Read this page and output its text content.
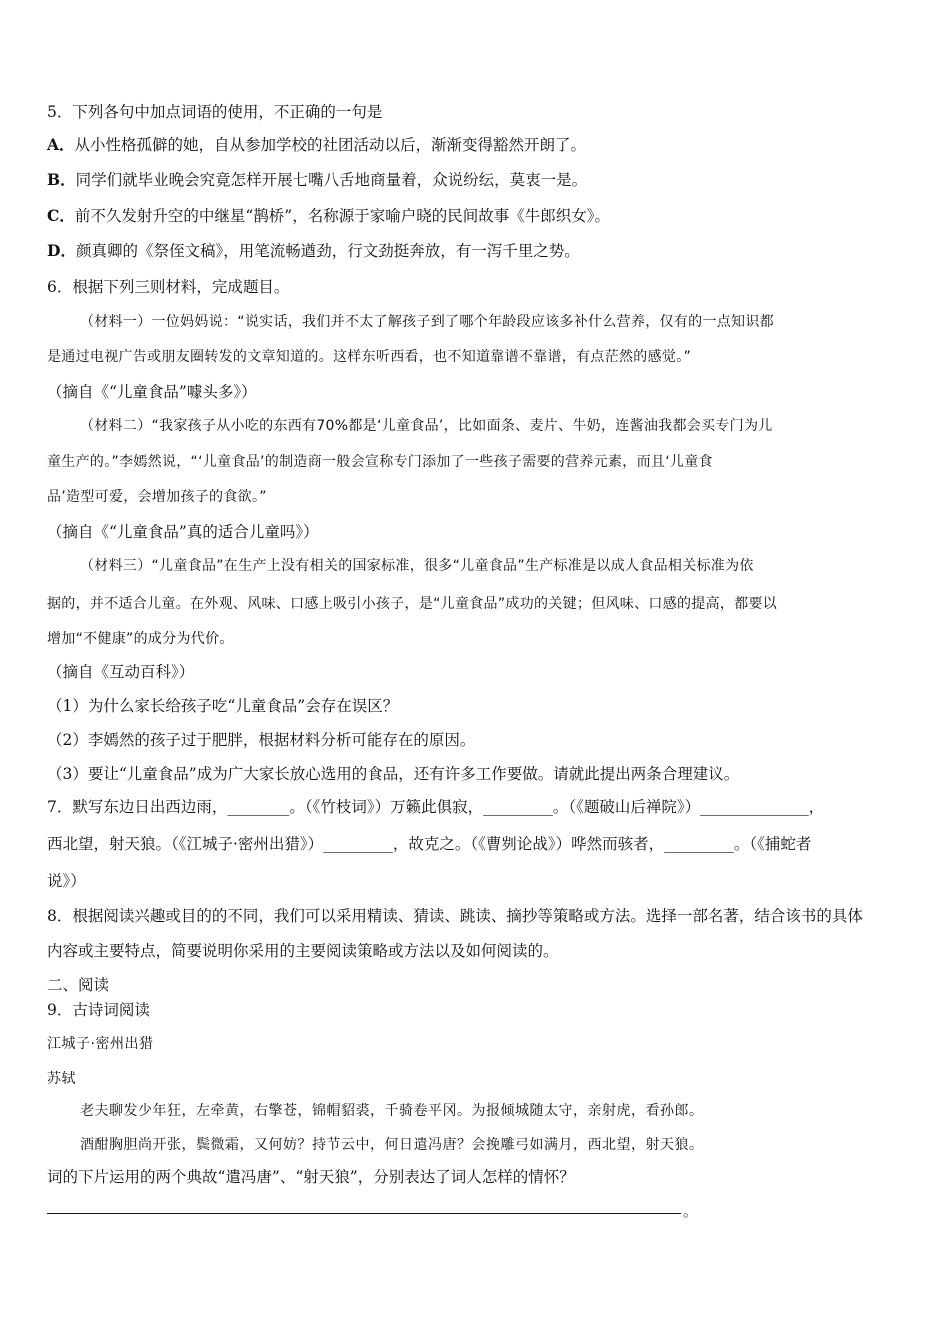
5．下列各句中加点词语的使用，不正确的一句是
A．从小性格孤僻的她，自从参加学校的社团活动以后，渐渐变得豁然开朗了。
B．同学们就毕业晚会究竟怎样开展七嘴八舌地商量着，众说纷纭，莫衷一是。
C．前不久发射升空的中继星“鹊桥”，名称源于家喻户晓的民间故事《牛郎织女》。
D．颜真卿的《祭侄文稿》，用笔流畅遒劲，行文劲挺奔放，有一泻千里之势。
6．根据下列三则材料，完成题目。
（材料一）一位妈妈说：“说实话，我们并不太了解孩子到了哪个年龄段应该多补什么营养，仅有的一点知识都
是通过电视广告或朋友圈转发的文章知道的。这样东听西看，也不知道靠谱不靠谱，有点茫然的感觉。”
（摘自《“儿童食品”噱头多》）
（材料二）“我家孩子从小吃的东西有70%都是‘儿童食品’，比如面条、麦片、牛奶，连酱油我都会买专门为儿
童生产的。”李嫣然说，“‘儿童食品’的制造商一般会宣称专门添加了一些孩子需要的营养元素，而且‘儿童食
品’造型可爱，会增加孩子的食欲。”
（摘自《“儿童食品”真的适合儿童吗》）
（材料三）“儿童食品”在生产上没有相关的国家标准，很多“儿童食品”生产标准是以成人食品相关标准为依
据的，并不适合儿童。在外观、风味、口感上吸引小孩子，是“儿童食品”成功的关键；但风味、口感的提高，都要以
增加“不健康”的成分为代价。
（摘自《互动百科》）
（1）为什么家长给孩子吃“儿童食品”会存在误区？
（2）李嫣然的孩子过于肥胖，根据材料分析可能存在的原因。
（3）要让“儿童食品”成为广大家长放心选用的食品，还有许多工作要做。请就此提出两条合理建议。
7．默写东边日出西边雨，________。（《竹枝词》）万籁此俱寂，_________。（《题破山后禅院》）______________，
西北望，射天狼。（《江城子·密州出猎》）_________，故克之。（《曹刿论战》）哗然而骇者，_________。（《捕蛇者
说》）
8．根据阅读兴趣或目的的不同，我们可以采用精读、猜读、跳读、摘抄等策略或方法。选择一部名著，结合该书的具体
内容或主要特点，简要说明你采用的主要阅读策略或方法以及如何阅读的。
二、阅读
9．古诗词阅读
江城子·密州出猎
苏轼
老夫聊发少年狂，左牵黄，右擎苍，锦帽貂裘，千骑卷平冈。为报倾城随太守，亲射虎，看孙郎。
酒酣胸胆尚开张，鬓微霜，又何妨？持节云中，何日遣冯唐？会挽雕弓如满月，西北望，射天狼。
词的下片运用的两个典故“遣冯唐”、“射天狼”，分别表达了词人怎样的情怀？
。
